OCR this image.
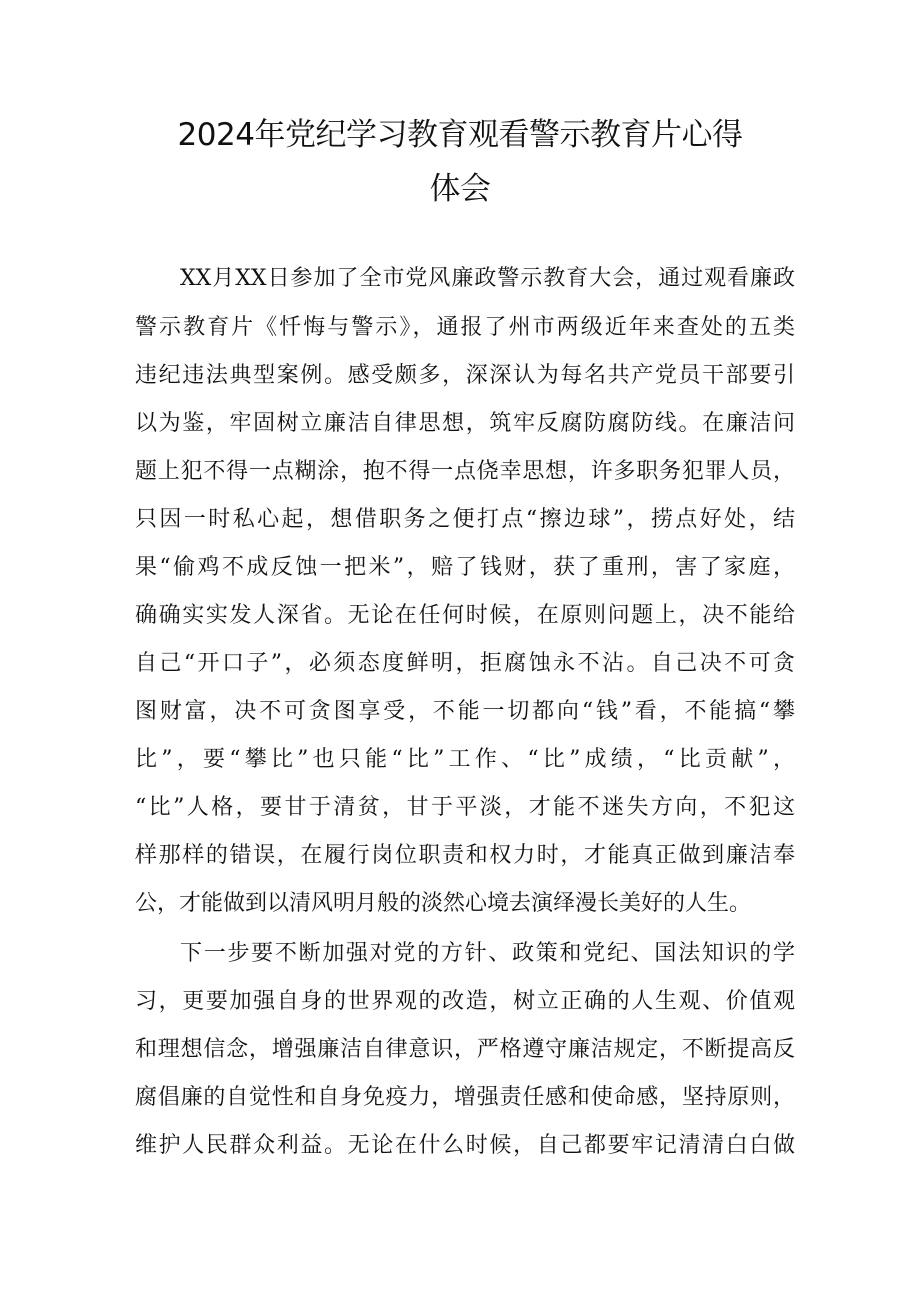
2024年党纪学习教育观看警示教育片心得
体会
XX月XX日参加了全市党风廉政警示教育大会，通过观看廉政
警示教育片《忏悔与警示》，通报了州市两级近年来查处的五类
违纪违法典型案例。感受颇多，深深认为每名共产党员干部要引
以为鉴，牢固树立廉洁自律思想，筑牢反腐防腐防线。在廉洁问
题上犯不得一点糊涂，抱不得一点侥幸思想，许多职务犯罪人员，
只因一时私心起，想借职务之便打点“擦边球”，捞点好处，结
果“偷鸡不成反蚀一把米”，赔了钱财，获了重刑，害了家庭，
确确实实发人深省。无论在任何时候，在原则问题上，决不能给
自己“开口子”，必须态度鲜明，拒腐蚀永不沾。自己决不可贪
图财富，决不可贪图享受，不能一切都向“钱”看，不能搞“攀
比”，要“攀比”也只能“比”工作、“比”成绩，“比贡献”，
“比”人格，要甘于清贫，甘于平淡，才能不迷失方向，不犯这
样那样的错误，在履行岗位职责和权力时，才能真正做到廉洁奉
公，才能做到以清风明月般的淡然心境去演绎漫长美好的人生。
下一步要不断加强对党的方针、政策和党纪、国法知识的学
习，更要加强自身的世界观的改造，树立正确的人生观、价值观
和理想信念，增强廉洁自律意识，严格遵守廉洁规定，不断提高反
腐倡廉的自觉性和自身免疫力，增强责任感和使命感，坚持原则，
维护人民群众利益。无论在什么时候，自己都要牢记清清白白做
